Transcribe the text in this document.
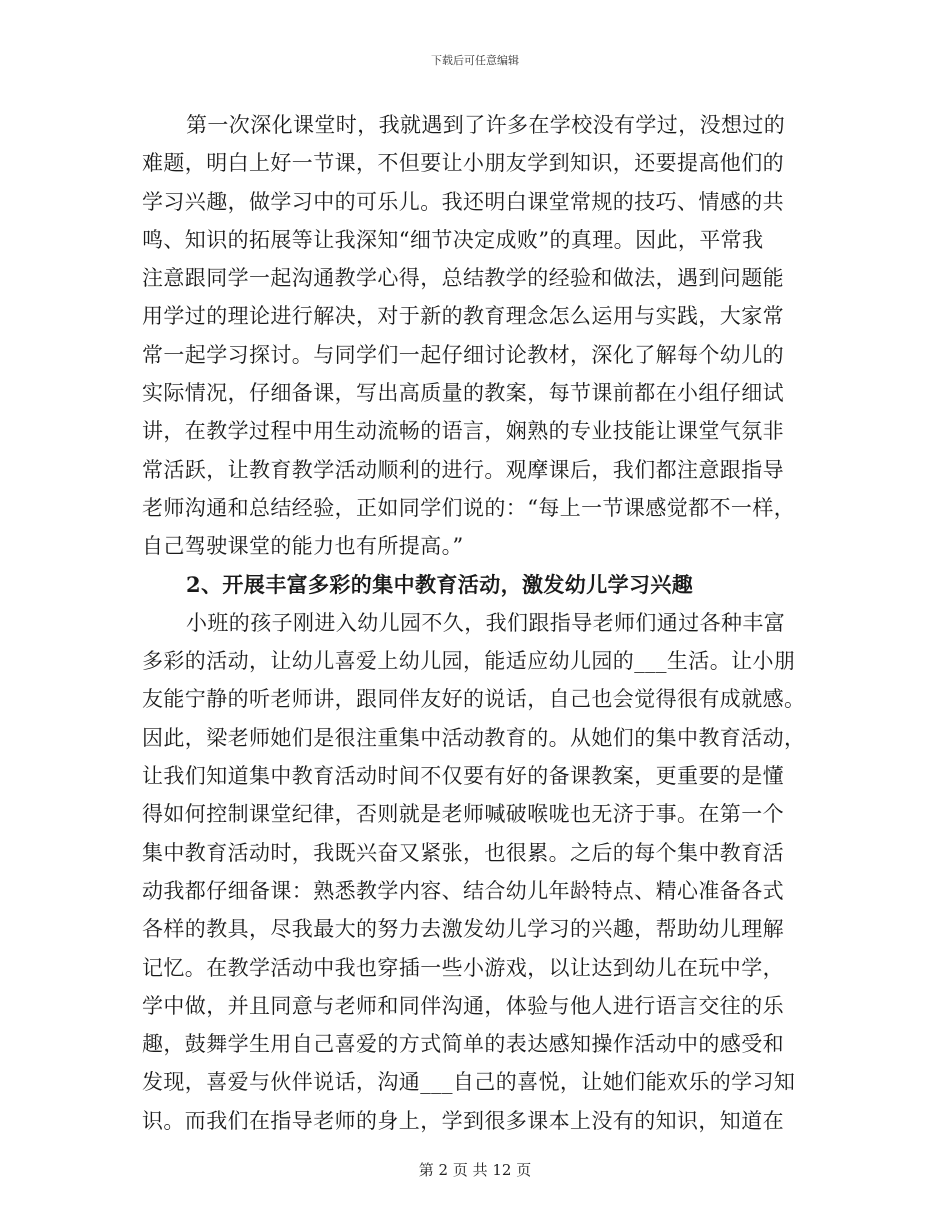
下载后可任意编辑
第一次深化课堂时，我就遇到了许多在学校没有学过，没想过的
难题，明白上好一节课，不但要让小朋友学到知识，还要提高他们的
学习兴趣，做学习中的可乐儿。我还明白课堂常规的技巧、情感的共
鸣、知识的拓展等让我深知“细节决定成败”的真理。因此，平常我
注意跟同学一起沟通教学心得，总结教学的经验和做法，遇到问题能
用学过的理论进行解决，对于新的教育理念怎么运用与实践，大家常
常一起学习探讨。与同学们一起仔细讨论教材，深化了解每个幼儿的
实际情况，仔细备课，写出高质量的教案，每节课前都在小组仔细试
讲，在教学过程中用生动流畅的语言，娴熟的专业技能让课堂气氛非
常活跃，让教育教学活动顺利的进行。观摩课后，我们都注意跟指导
老师沟通和总结经验，正如同学们说的：“每上一节课感觉都不一样，
自己驾驶课堂的能力也有所提高。”
2、开展丰富多彩的集中教育活动，激发幼儿学习兴趣
小班的孩子刚进入幼儿园不久，我们跟指导老师们通过各种丰富
多彩的活动，让幼儿喜爱上幼儿园，能适应幼儿园的___生活。让小朋
友能宁静的听老师讲，跟同伴友好的说话，自己也会觉得很有成就感。
因此，梁老师她们是很注重集中活动教育的。从她们的集中教育活动，
让我们知道集中教育活动时间不仅要有好的备课教案，更重要的是懂
得如何控制课堂纪律，否则就是老师喊破喉咙也无济于事。在第一个
集中教育活动时，我既兴奋又紧张，也很累。之后的每个集中教育活
动我都仔细备课：熟悉教学内容、结合幼儿年龄特点、精心准备各式
各样的教具，尽我最大的努力去激发幼儿学习的兴趣，帮助幼儿理解
记忆。在教学活动中我也穿插一些小游戏，以让达到幼儿在玩中学，
学中做，并且同意与老师和同伴沟通，体验与他人进行语言交往的乐
趣，鼓舞学生用自己喜爱的方式简单的表达感知操作活动中的感受和
发现，喜爱与伙伴说话，沟通___自己的喜悦，让她们能欢乐的学习知
识。而我们在指导老师的身上，学到很多课本上没有的知识，知道在
第 2 页 共 12 页
